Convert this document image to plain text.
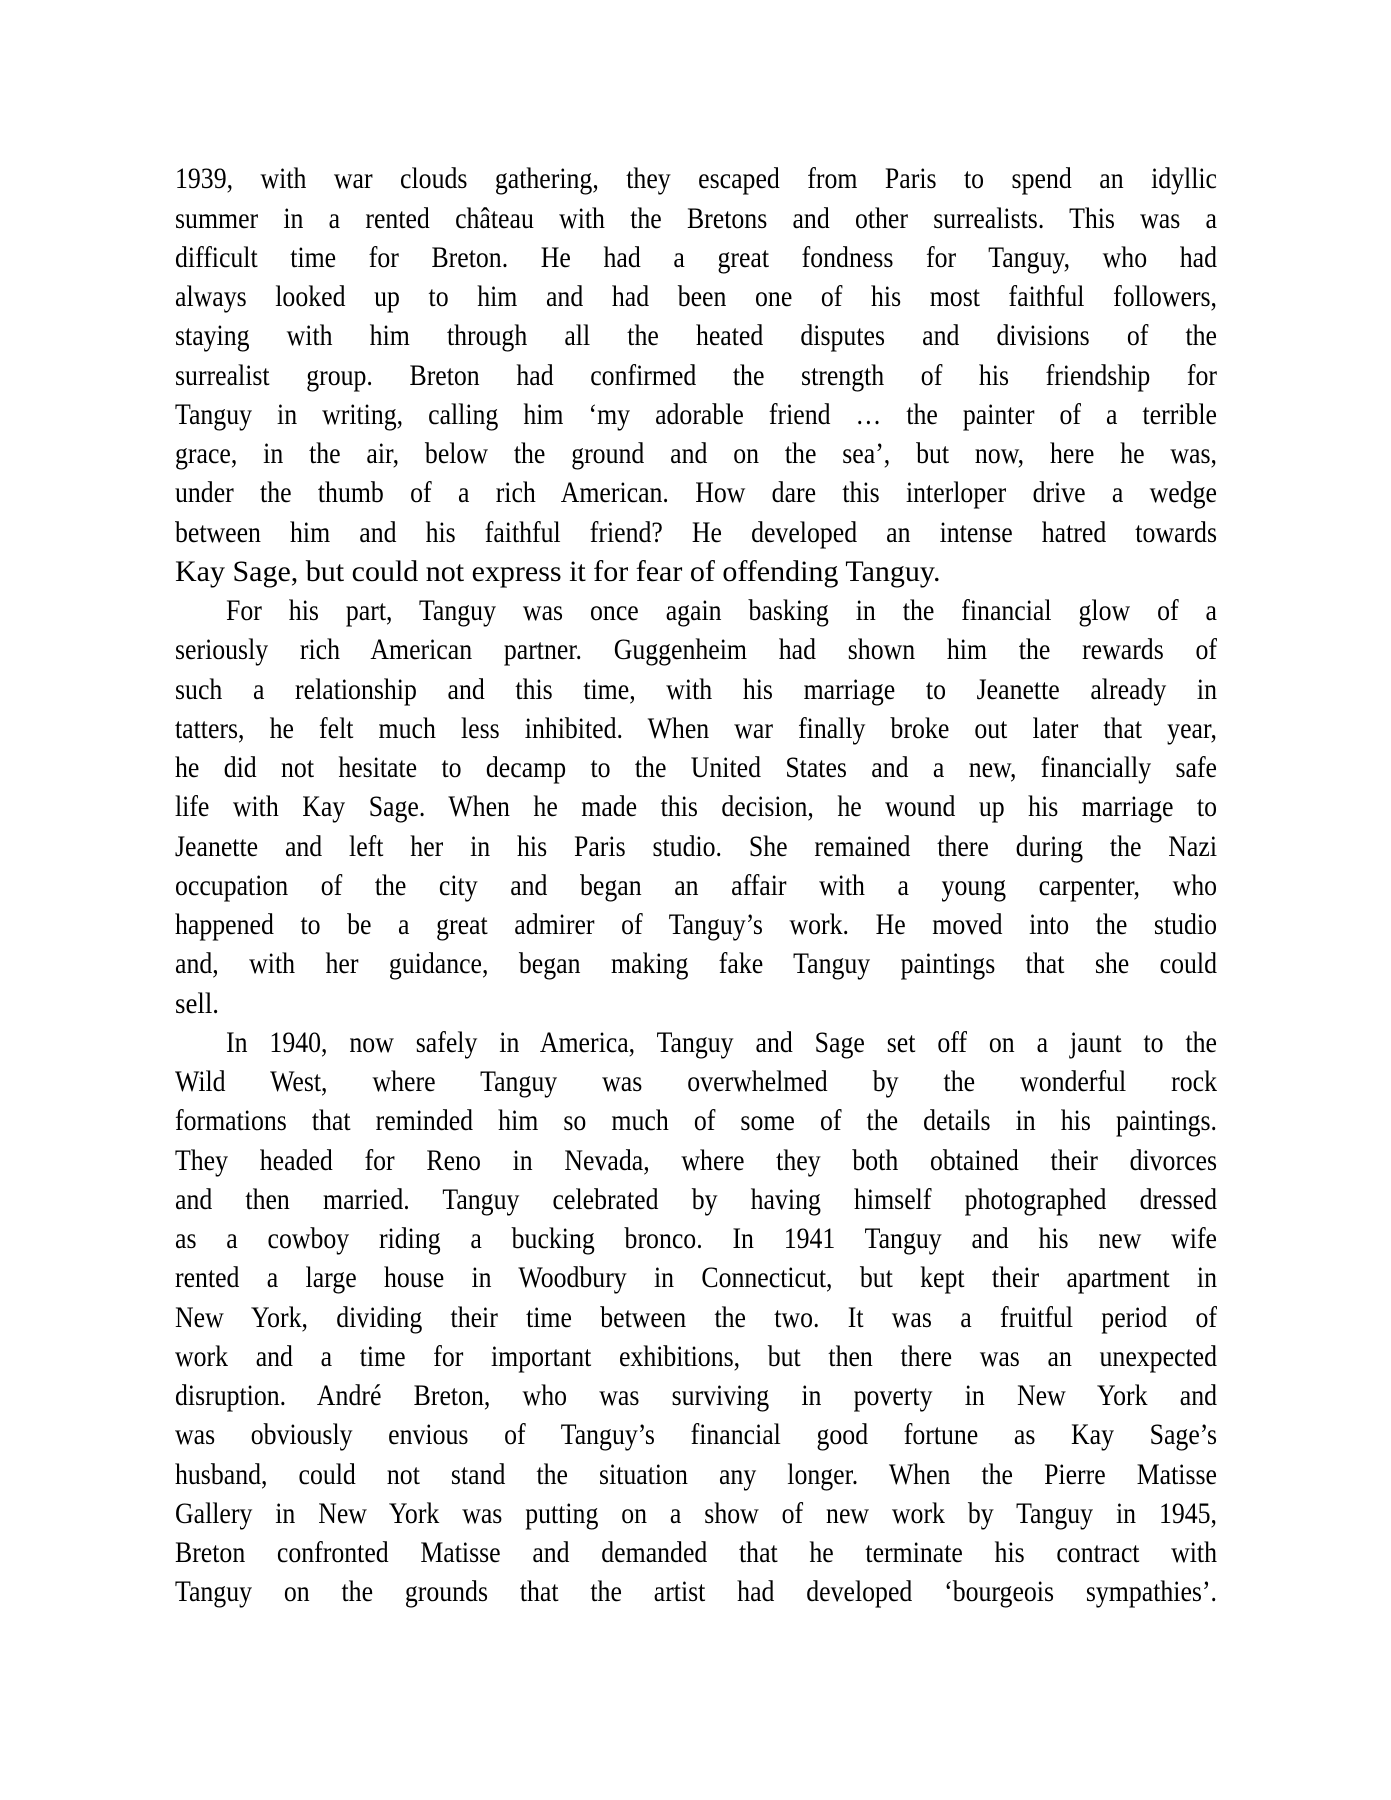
1939, with war clouds gathering, they escaped from Paris to spend an idyllic
summer in a rented château with the Bretons and other surrealists. This was a
difficult time for Breton. He had a great fondness for Tanguy, who had
always looked up to him and had been one of his most faithful followers,
staying with him through all the heated disputes and divisions of the
surrealist group. Breton had confirmed the strength of his friendship for
Tanguy in writing, calling him ‘my adorable friend … the painter of a terrible
grace, in the air, below the ground and on the sea’, but now, here he was,
under the thumb of a rich American. How dare this interloper drive a wedge
between him and his faithful friend? He developed an intense hatred towards
Kay Sage, but could not express it for fear of offending Tanguy.
For his part, Tanguy was once again basking in the financial glow of a
seriously rich American partner. Guggenheim had shown him the rewards of
such a relationship and this time, with his marriage to Jeanette already in
tatters, he felt much less inhibited. When war finally broke out later that year,
he did not hesitate to decamp to the United States and a new, financially safe
life with Kay Sage. When he made this decision, he wound up his marriage to
Jeanette and left her in his Paris studio. She remained there during the Nazi
occupation of the city and began an affair with a young carpenter, who
happened to be a great admirer of Tanguy’s work. He moved into the studio
and, with her guidance, began making fake Tanguy paintings that she could
sell.
In 1940, now safely in America, Tanguy and Sage set off on a jaunt to the
Wild West, where Tanguy was overwhelmed by the wonderful rock
formations that reminded him so much of some of the details in his paintings.
They headed for Reno in Nevada, where they both obtained their divorces
and then married. Tanguy celebrated by having himself photographed dressed
as a cowboy riding a bucking bronco. In 1941 Tanguy and his new wife
rented a large house in Woodbury in Connecticut, but kept their apartment in
New York, dividing their time between the two. It was a fruitful period of
work and a time for important exhibitions, but then there was an unexpected
disruption. André Breton, who was surviving in poverty in New York and
was obviously envious of Tanguy’s financial good fortune as Kay Sage’s
husband, could not stand the situation any longer. When the Pierre Matisse
Gallery in New York was putting on a show of new work by Tanguy in 1945,
Breton confronted Matisse and demanded that he terminate his contract with
Tanguy on the grounds that the artist had developed ‘bourgeois sympathies’.
